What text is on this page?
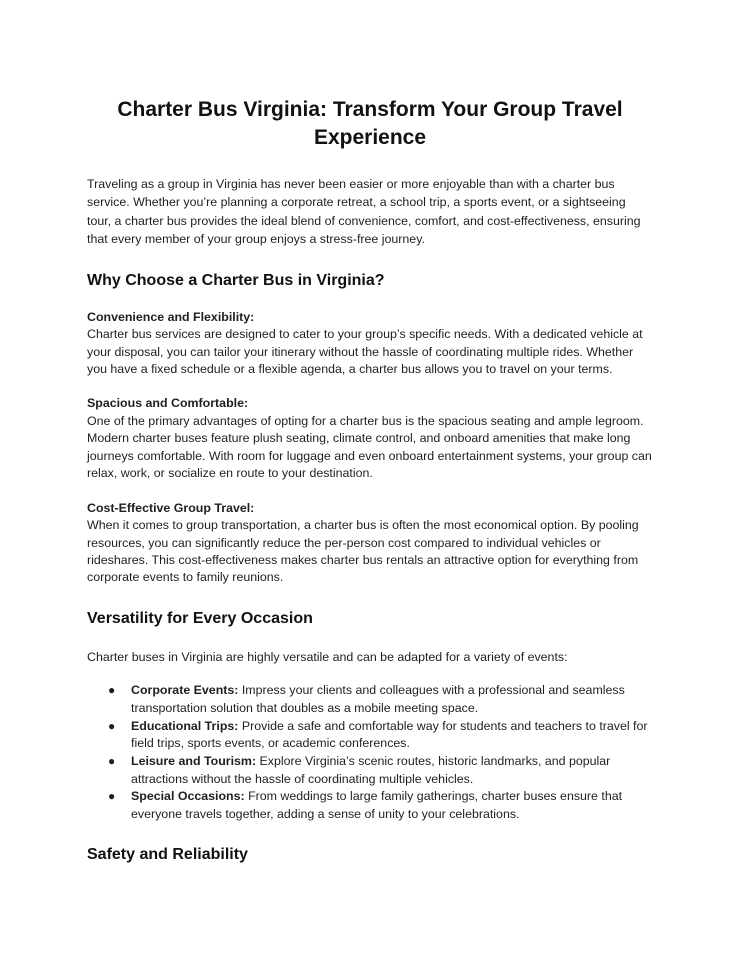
Charter Bus Virginia: Transform Your Group Travel Experience

Traveling as a group in Virginia has never been easier or more enjoyable than with a charter bus service. Whether you’re planning a corporate retreat, a school trip, a sports event, or a sightseeing tour, a charter bus provides the ideal blend of convenience, comfort, and cost-effectiveness, ensuring that every member of your group enjoys a stress-free journey.

Why Choose a Charter Bus in Virginia?

Convenience and Flexibility:

Charter bus services are designed to cater to your group’s specific needs. With a dedicated vehicle at your disposal, you can tailor your itinerary without the hassle of coordinating multiple rides. Whether you have a fixed schedule or a flexible agenda, a charter bus allows you to travel on your terms.

Spacious and Comfortable:

One of the primary advantages of opting for a charter bus is the spacious seating and ample legroom. Modern charter buses feature plush seating, climate control, and onboard amenities that make long journeys comfortable. With room for luggage and even onboard entertainment systems, your group can relax, work, or socialize en route to your destination.

Cost-Effective Group Travel:

When it comes to group transportation, a charter bus is often the most economical option. By pooling resources, you can significantly reduce the per-person cost compared to individual vehicles or rideshares. This cost-effectiveness makes charter bus rentals an attractive option for everything from corporate events to family reunions.

Versatility for Every Occasion

Charter buses in Virginia are highly versatile and can be adapted for a variety of events:

● Corporate Events: Impress your clients and colleagues with a professional and seamless transportation solution that doubles as a mobile meeting space.
● Educational Trips: Provide a safe and comfortable way for students and teachers to travel for field trips, sports events, or academic conferences.
● Leisure and Tourism: Explore Virginia’s scenic routes, historic landmarks, and popular attractions without the hassle of coordinating multiple vehicles.
● Special Occasions: From weddings to large family gatherings, charter buses ensure that everyone travels together, adding a sense of unity to your celebrations.
Safety and Reliability
